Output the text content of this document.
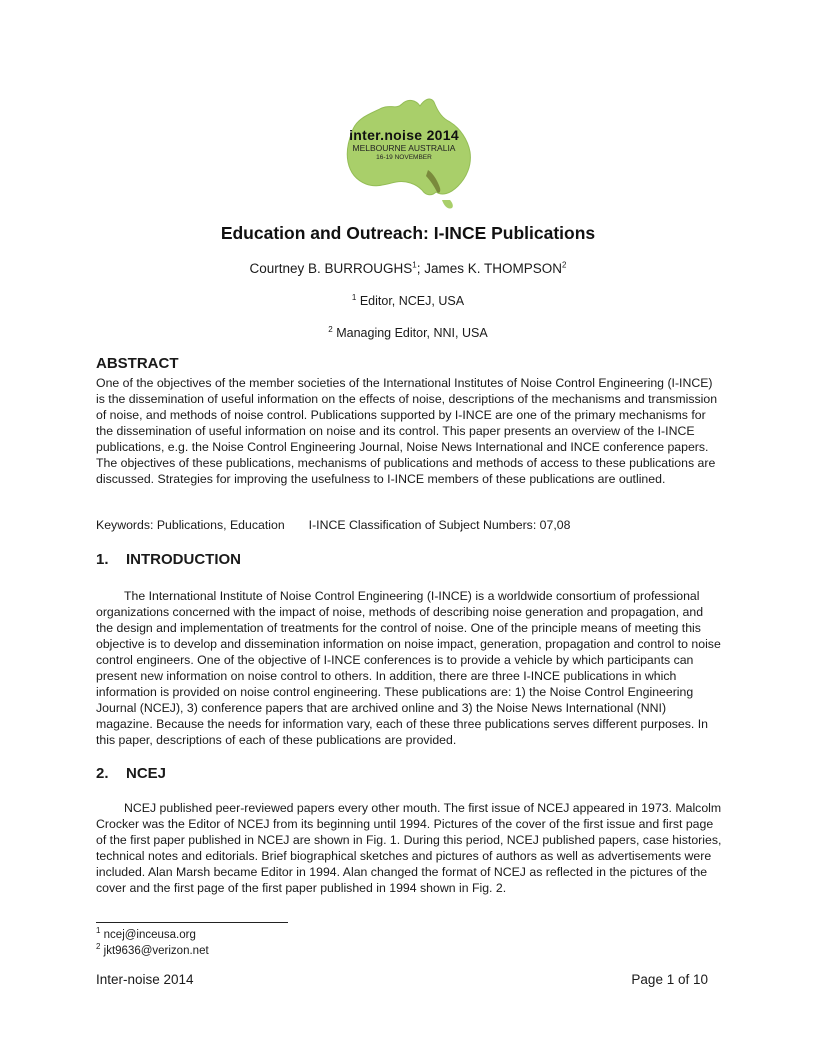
inter.noise 2014
MELBOURNE AUSTRALIA
16-19 NOVEMBER
Education and Outreach: I-INCE Publications
Courtney B. BURROUGHS$^1$; James K. THOMPSON$^2$
$^1$ Editor, NCEJ, USA
$^2$ Managing Editor, NNI, USA
ABSTRACT

One of the objectives of the member societies of the International Institutes of Noise Control Engineering (I-INCE) is the dissemination of useful information on the effects of noise, descriptions of the mechanisms and transmission of noise, and methods of noise control. Publications supported by I-INCE are one of the primary mechanisms for the dissemination of useful information on noise and its control. This paper presents an overview of the I-INCE publications, e.g. the Noise Control Engineering Journal, Noise News International and INCE conference papers. The objectives of these publications, mechanisms of publications and methods of access to these publications are discussed. Strategies for improving the usefulness to I-INCE members of these publications are outlined.

Keywords: Publications, Education I-INCE Classification of Subject Numbers: 07,08
1. INTRODUCTION

The International Institute of Noise Control Engineering (I-INCE) is a worldwide consortium of professional organizations concerned with the impact of noise, methods of describing noise generation and propagation, and the design and implementation of treatments for the control of noise. One of the principle means of meeting this objective is to develop and dissemination information on noise impact, generation, propagation and control to noise control engineers. One of the objective of I-INCE conferences is to provide a vehicle by which participants can present new information on noise control to others. In addition, there are three I-INCE publications in which information is provided on noise control engineering. These publications are: 1) the Noise Control Engineering Journal (NCEJ), 3) conference papers that are archived online and 3) the Noise News International (NNI) magazine. Because the needs for information vary, each of these three publications serves different purposes. In this paper, descriptions of each of these publications are provided.

2. NCEJ

NCEJ published peer-reviewed papers every other mouth. The first issue of NCEJ appeared in 1973. Malcolm Crocker was the Editor of NCEJ from its beginning until 1994. Pictures of the cover of the first issue and first page of the first paper published in NCEJ are shown in Fig. 1. During this period, NCEJ published papers, case histories, technical notes and editorials. Brief biographical sketches and pictures of authors as well as advertisements were included. Alan Marsh became Editor in 1994. Alan changed the format of NCEJ as reflected in the pictures of the cover and the first page of the first paper published in 1994 shown in Fig. 2.

$^1$ ncej@inceusa.org
$^2$ jkt9636@verizon.net
Inter-noise 2014	Page 1 of 10
